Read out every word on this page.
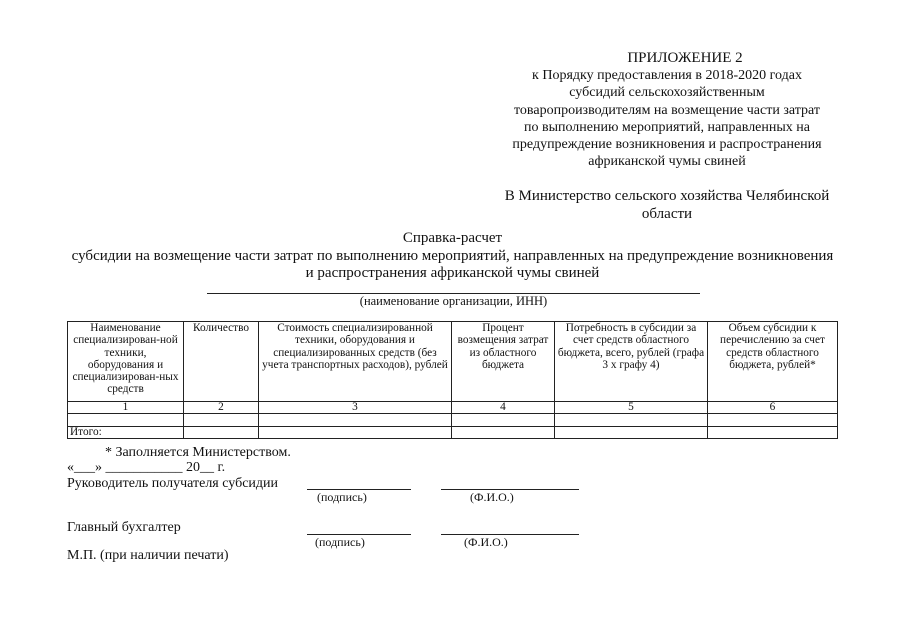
ПРИЛОЖЕНИЕ 2
к Порядку предоставления в 2018-2020 годах
субсидий сельскохозяйственным
товаропроизводителям на возмещение части затрат
по выполнению мероприятий, направленных на
предупреждение возникновения и распространения
африканской чумы свиней
В Министерство сельского хозяйства Челябинской
области
Справка-расчет
субсидии на возмещение части затрат по выполнению мероприятий, направленных на предупреждение возникновения
и распространения африканской чумы свиней
(наименование организации, ИНН)
Наименование специализирован-ной техники, оборудования и специализирован-ных средств	Количество	Стоимость специализированной техники, оборудования и специализированных средств (без учета транспортных расходов), рублей	Процент возмещения затрат из областного бюджета	Потребность в субсидии за счет средств областного бюджета, всего, рублей (графа 3 х графу 4)	Объем субсидии к перечислению за счет средств областного бюджета, рублей*
1	2	3	4	5	6

Итого:					
* Заполняется Министерством.
«___» ___________ 20__ г.
Руководитель получателя субсидии
(подпись)	(Ф.И.О.)
Главный бухгалтер
(подпись)	(Ф.И.О.)
М.П. (при наличии печати)
